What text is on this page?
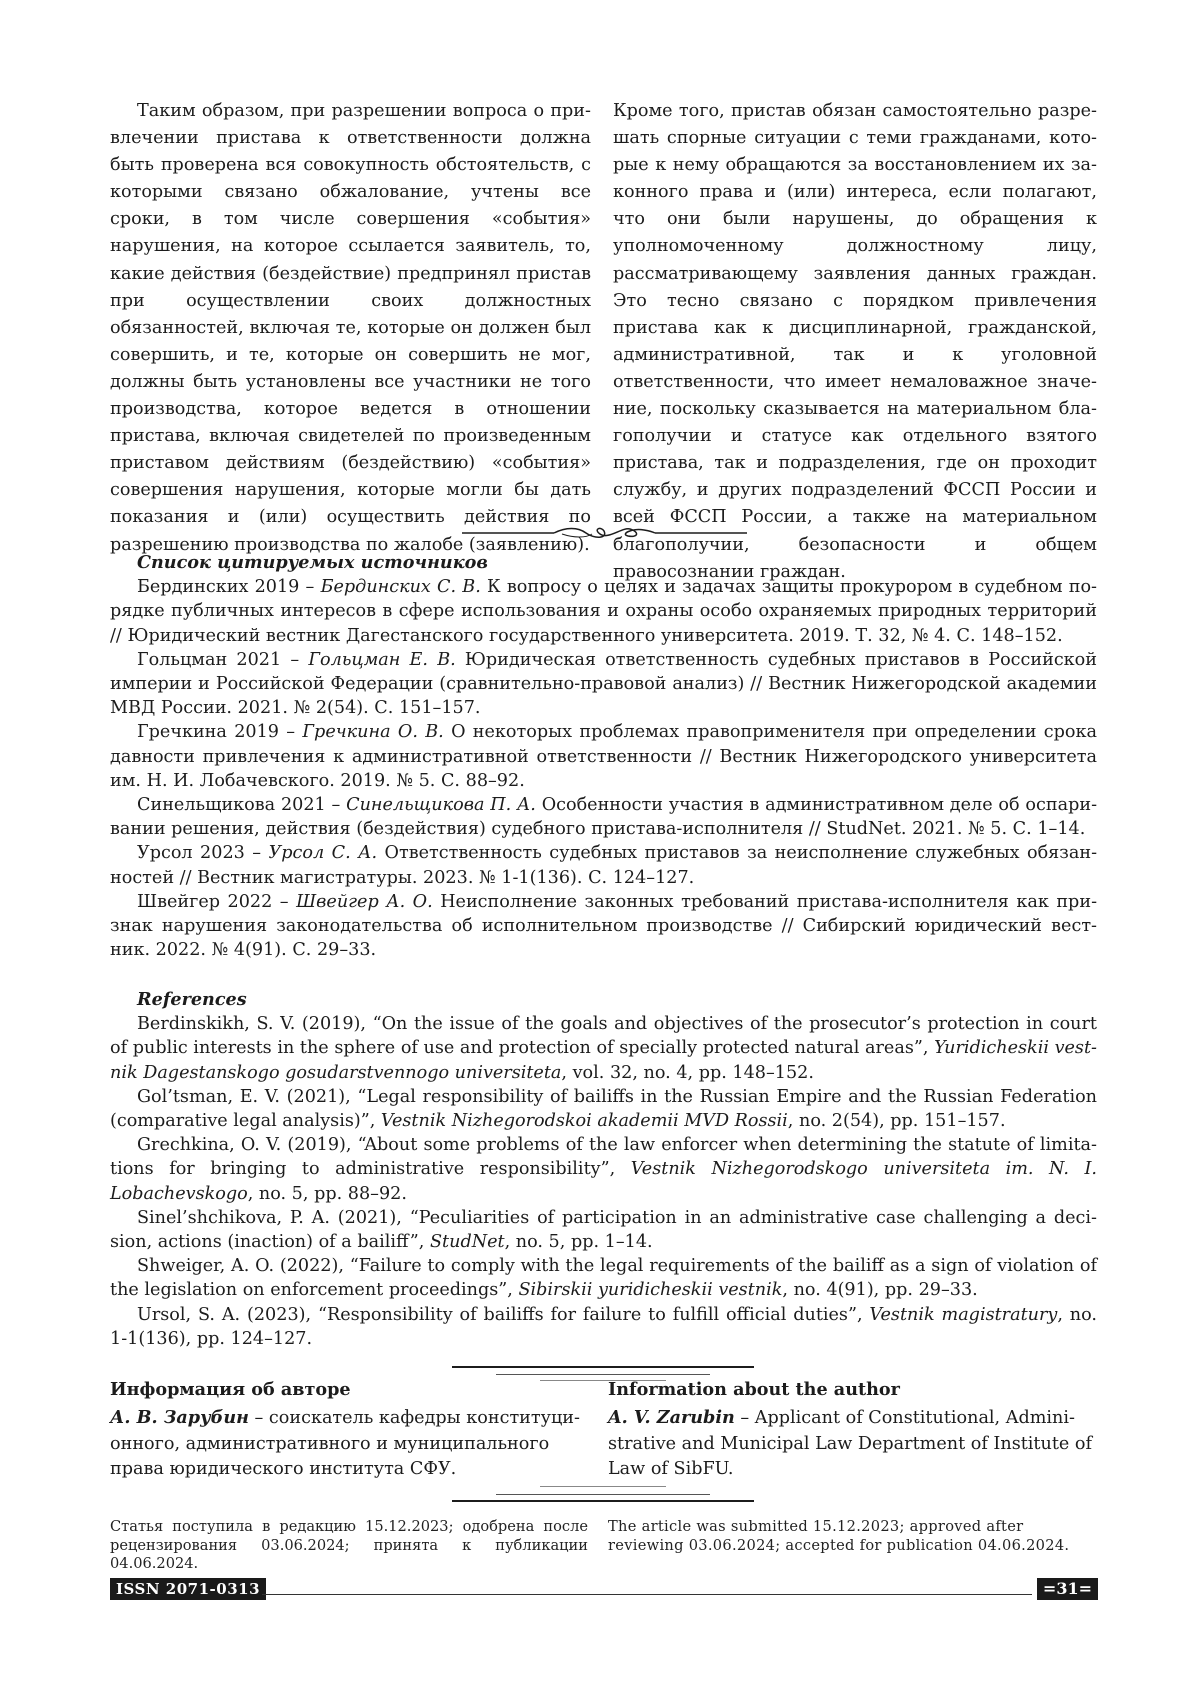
Таким образом, при разрешении вопроса о привлечении пристава к ответственности должна быть проверена вся совокупность обстоятельств, с которыми связано обжалование, учтены все сроки, в том числе совершения «события» нарушения, на которое ссылается заявитель, то, какие действия (бездействие) предпринял пристав при осуществлении своих должностных обязанностей, включая те, которые он должен был совершить, и те, которые он совершить не мог, должны быть установлены все участники не того производства, которое ведется в отношении пристава, включая свидетелей по произведенным приставом действиям (бездействию) «события» совершения нарушения, которые могли бы дать показания и (или) осуществить действия по разрешению производства по жалобе (заявлению).

Кроме того, пристав обязан самостоятельно разрешать спорные ситуации с теми гражданами, которые к нему обращаются за восстановлением их законного права и (или) интереса, если полагают, что они были нарушены, до обращения к уполномоченному должностному лицу, рассматривающему заявления данных граждан. Это тесно связано с порядком привлечения пристава как к дисциплинарной, гражданской, административной, так и к уголовной ответственности, что имеет немаловажное значение, поскольку сказывается на материальном благополучии и статусе как отдельного взятого пристава, так и подразделения, где он проходит службу, и других подразделений ФССП России и всей ФССП России, а также на материальном благополучии, безопасности и общем правосознании граждан.

Список цитируемых источников

Бердинских 2019 – Бердинских С. В. К вопросу о целях и задачах защиты прокурором в судебном порядке публичных интересов в сфере использования и охраны особо охраняемых природных территорий // Юридический вестник Дагестанского государственного университета. 2019. Т. 32, № 4. С. 148–152.

Гольцман 2021 – Гольцман Е. В. Юридическая ответственность судебных приставов в Российской империи и Российской Федерации (сравнительно-правовой анализ) // Вестник Нижегородской академии МВД России. 2021. № 2(54). С. 151–157.

Гречкина 2019 – Гречкина О. В. О некоторых проблемах правоприменителя при определении срока давности привлечения к административной ответственности // Вестник Нижегородского университета им. Н. И. Лобачевского. 2019. № 5. С. 88–92.

Синельщикова 2021 – Синельщикова П. А. Особенности участия в административном деле об оспаривании решения, действия (бездействия) судебного пристава-исполнителя // StudNet. 2021. № 5. С. 1–14.

Урсол 2023 – Урсол С. А. Ответственность судебных приставов за неисполнение служебных обязанностей // Вестник магистратуры. 2023. № 1-1(136). С. 124–127.

Швейгер 2022 – Швейгер А. О. Неисполнение законных требований пристава-исполнителя как признак нарушения законодательства об исполнительном производстве // Сибирский юридический вестник. 2022. № 4(91). С. 29–33.

References

Berdinskikh, S. V. (2019), “On the issue of the goals and objectives of the prosecutor’s protection in court of public interests in the sphere of use and protection of specially protected natural areas”, Yuridicheskii vestnik Dagestanskogo gosudarstvennogo universiteta, vol. 32, no. 4, pp. 148–152.

Gol’tsman, E. V. (2021), “Legal responsibility of bailiffs in the Russian Empire and the Russian Federation (comparative legal analysis)”, Vestnik Nizhegorodskoi akademii MVD Rossii, no. 2(54), pp. 151–157.

Grechkina, O. V. (2019), “About some problems of the law enforcer when determining the statute of limitations for bringing to administrative responsibility”, Vestnik Nizhegorodskogo universiteta im. N. I. Lobachevskogo, no. 5, pp. 88–92.

Sinel’shchikova, P. A. (2021), “Peculiarities of participation in an administrative case challenging a decision, actions (inaction) of a bailiff”, StudNet, no. 5, pp. 1–14.

Shweiger, A. O. (2022), “Failure to comply with the legal requirements of the bailiff as a sign of violation of the legislation on enforcement proceedings”, Sibirskii yuridicheskii vestnik, no. 4(91), pp. 29–33.

Ursol, S. A. (2023), “Responsibility of bailiffs for failure to fulfill official duties”, Vestnik magistratury, no. 1-1(136), pp. 124–127.

Информация об авторе

А. В. Зарубин – соискатель кафедры конституционного, административного и муниципального права юридического института СФУ.

Information about the author

A. V. Zarubin – Applicant of Constitutional, Administrative and Municipal Law Department of Institute of Law of SibFU.

Статья поступила в редакцию 15.12.2023; одобрена после рецензирования 03.06.2024; принята к публикации 04.06.2024.
The article was submitted 15.12.2023; approved after reviewing 03.06.2024; accepted for publication 04.06.2024.
ISSN 2071-0313	=31=
